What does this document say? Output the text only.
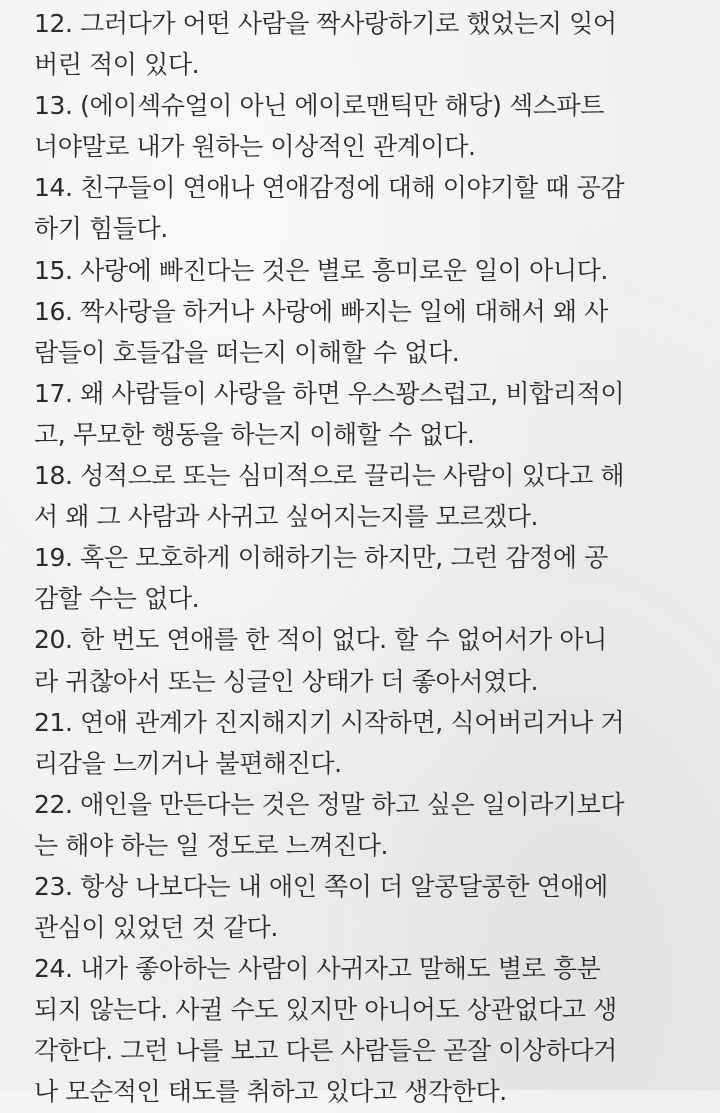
12. 그러다가 어떤 사람을 짝사랑하기로 했었는지 잊어
버린 적이 있다.
13. (에이섹슈얼이 아닌 에이로맨틱만 해당) 섹스파트
너야말로 내가 원하는 이상적인 관계이다.
14. 친구들이 연애나 연애감정에 대해 이야기할 때 공감
하기 힘들다.
15. 사랑에 빠진다는 것은 별로 흥미로운 일이 아니다.
16. 짝사랑을 하거나 사랑에 빠지는 일에 대해서 왜 사
람들이 호들갑을 떠는지 이해할 수 없다.
17. 왜 사람들이 사랑을 하면 우스꽝스럽고, 비합리적이
고, 무모한 행동을 하는지 이해할 수 없다.
18. 성적으로 또는 심미적으로 끌리는 사람이 있다고 해
서 왜 그 사람과 사귀고 싶어지는지를 모르겠다.
19. 혹은 모호하게 이해하기는 하지만, 그런 감정에 공
감할 수는 없다.
20. 한 번도 연애를 한 적이 없다. 할 수 없어서가 아니
라 귀찮아서 또는 싱글인 상태가 더 좋아서였다.
21. 연애 관계가 진지해지기 시작하면, 식어버리거나 거
리감을 느끼거나 불편해진다.
22. 애인을 만든다는 것은 정말 하고 싶은 일이라기보다
는 해야 하는 일 정도로 느껴진다.
23. 항상 나보다는 내 애인 쪽이 더 알콩달콩한 연애에
관심이 있었던 것 같다.
24. 내가 좋아하는 사람이 사귀자고 말해도 별로 흥분
되지 않는다. 사귈 수도 있지만 아니어도 상관없다고 생
각한다. 그런 나를 보고 다른 사람들은 곧잘 이상하다거
나 모순적인 태도를 취하고 있다고 생각한다.
